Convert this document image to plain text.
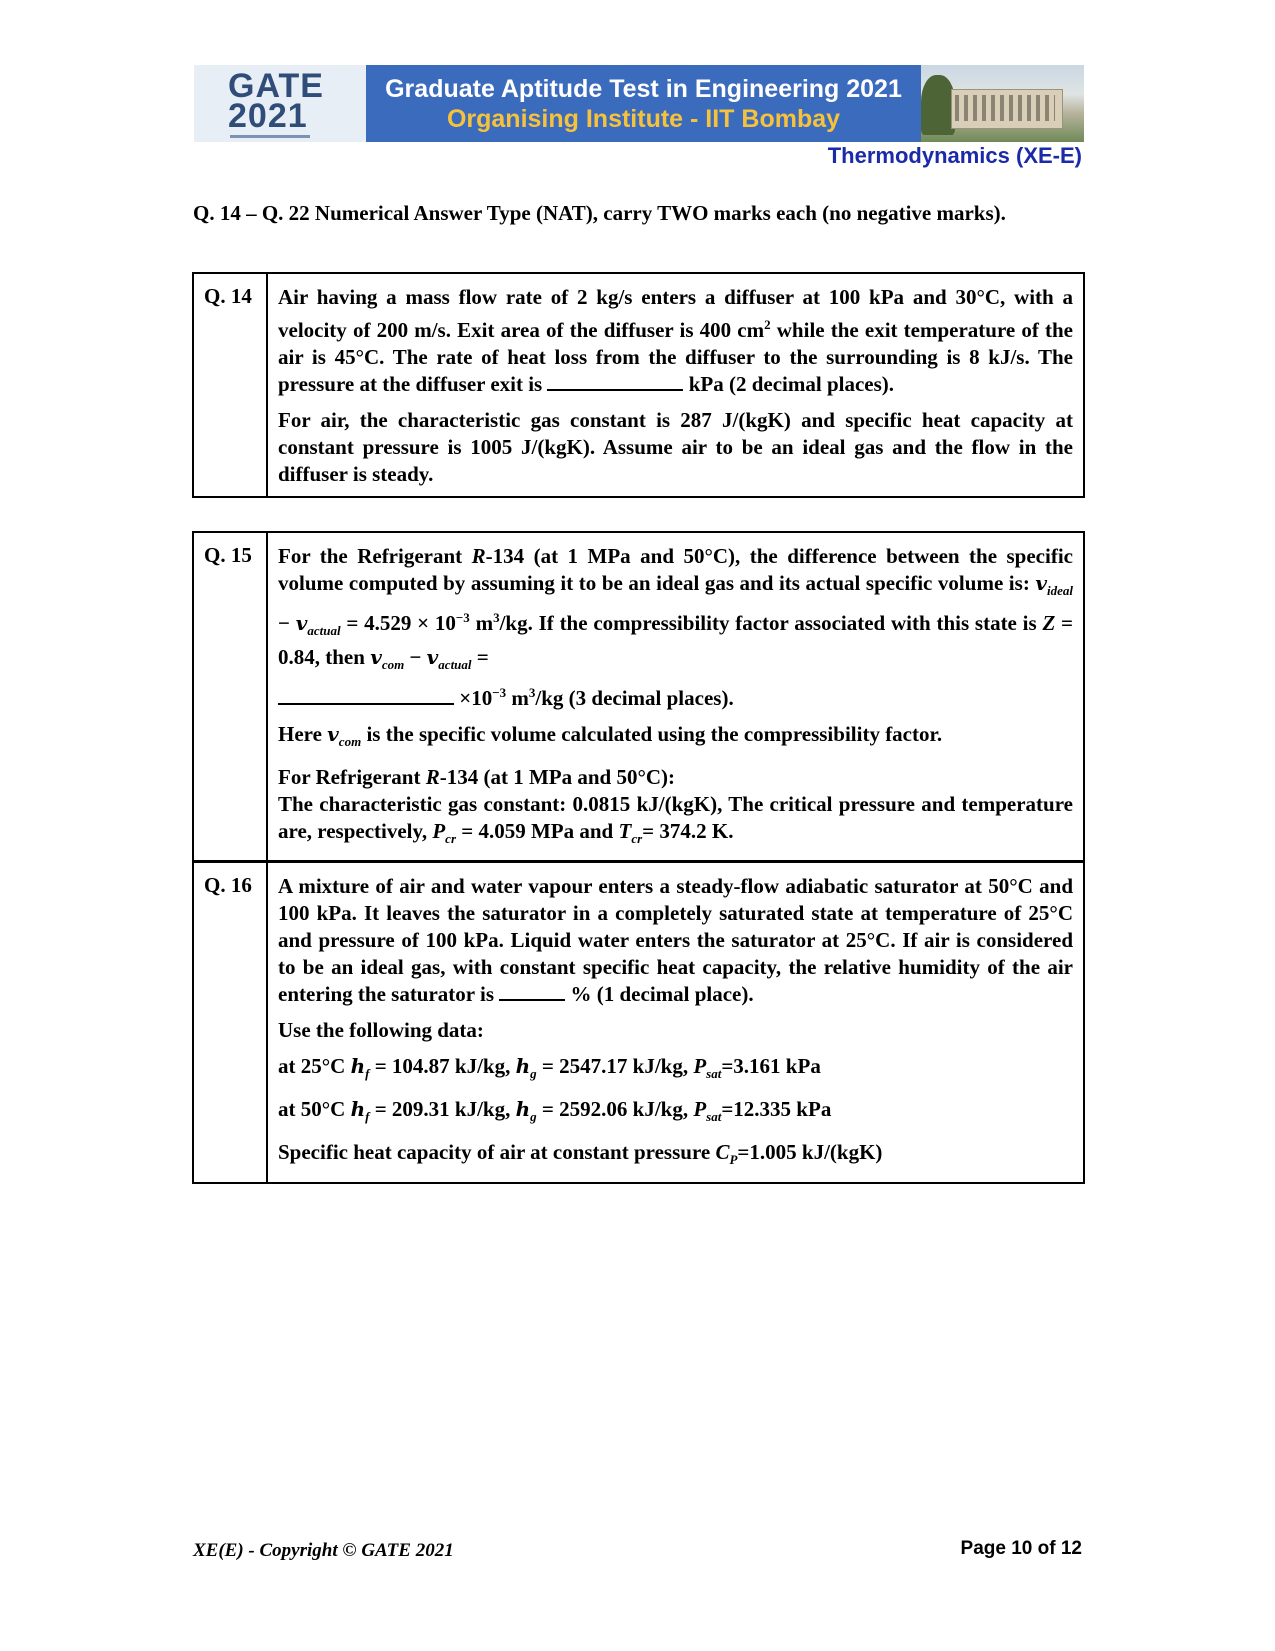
GATE
2021
Graduate Aptitude Test in Engineering 2021
Organising Institute - IIT Bombay
Thermodynamics (XE-E)
Q. 14 – Q. 22 Numerical Answer Type (NAT), carry TWO marks each (no negative marks).
Q. 14	Air having a mass flow rate of 2 kg/s enters a diffuser at 100 kPa and 30°C, with a velocity of 200 m/s. Exit area of the diffuser is 400 $cm^2$ while the exit temperature of the air is 45°C. The rate of heat loss from the diffuser to the surrounding is 8 kJ/s. The pressure at the diffuser exit is	kPa (2 decimal places).

For air, the characteristic gas constant is 287 J/(kgK) and specific heat capacity at constant pressure is 1005 J/(kgK). Assume air to be an ideal gas and the flow in the diffuser is steady.

Q. 15	For the Refrigerant R-134 (at 1 MPa and 50°C), the difference between the specific volume computed by assuming it to be an ideal gas and its actual specific volume is: $v_{ideal} - v_{actual} = 4.529 \times 10^{-3}$ $m^3/kg$. If the compressibility factor associated with this state is Z = 0.84, then $v_{com} - v_{actual}$ =
$\times 10^{-3}$ $m^3/kg$ (3 decimal places).

Here $v_{com}$ is the specific volume calculated using the compressibility factor.

For Refrigerant R-134 (at 1 MPa and 50°C):
The characteristic gas constant: 0.0815 kJ/(kgK), The critical pressure and temperature are, respectively, $P_{cr} = 4.059$ MPa and $T_{cr}= 374.2$ K.

Q. 16	A mixture of air and water vapour enters a steady-flow adiabatic saturator at 50°C and 100 kPa. It leaves the saturator in a completely saturated state at temperature of 25°C and pressure of 100 kPa. Liquid water enters the saturator at 25°C. If air is considered to be an ideal gas, with constant specific heat capacity, the relative humidity of the air entering the saturator is	% (1 decimal place).

Use the following data:

at 25°C $h_f = 104.87$ kJ/kg, $h_g = 2547.17$ kJ/kg, $P_{sat}=3.161$ kPa

at 50°C $h_f = 209.31$ kJ/kg, $h_g = 2592.06$ kJ/kg, $P_{sat}=12.335$ kPa

Specific heat capacity of air at constant pressure $C_P=1.005$ kJ/(kgK)

XE(E) - Copyright © GATE 2021	Page 10 of 12
